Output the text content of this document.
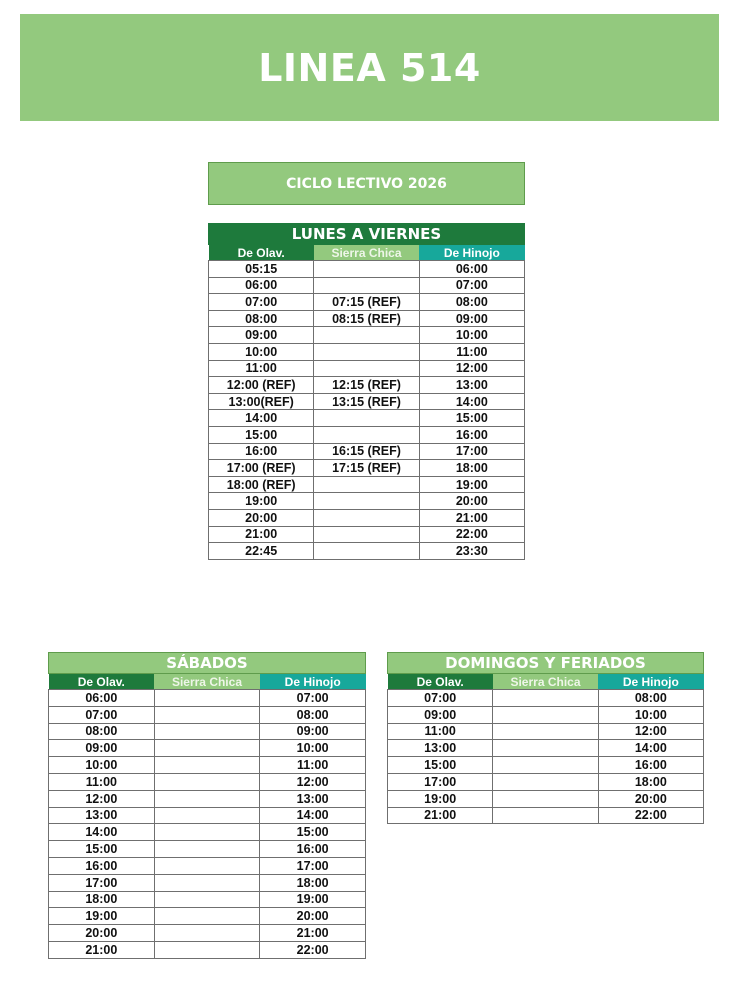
LINEA 514
CICLO LECTIVO 2026
LUNES A VIERNES
De Olav.	Sierra Chica	De Hinojo
05:15		06:00
06:00		07:00
07:00	07:15 (REF)	08:00
08:00	08:15 (REF)	09:00
09:00		10:00
10:00		11:00
11:00		12:00
12:00 (REF)	12:15 (REF)	13:00
13:00(REF)	13:15 (REF)	14:00
14:00		15:00
15:00		16:00
16:00	16:15 (REF)	17:00
17:00 (REF)	17:15 (REF)	18:00
18:00 (REF)		19:00
19:00		20:00
20:00		21:00
21:00		22:00
22:45		23:30
SÁBADOS
De Olav.	Sierra Chica	De Hinojo
06:00		07:00
07:00		08:00
08:00		09:00
09:00		10:00
10:00		11:00
11:00		12:00
12:00		13:00
13:00		14:00
14:00		15:00
15:00		16:00
16:00		17:00
17:00		18:00
18:00		19:00
19:00		20:00
20:00		21:00
21:00		22:00
DOMINGOS Y FERIADOS
De Olav.	Sierra Chica	De Hinojo
07:00		08:00
09:00		10:00
11:00		12:00
13:00		14:00
15:00		16:00
17:00		18:00
19:00		20:00
21:00		22:00
